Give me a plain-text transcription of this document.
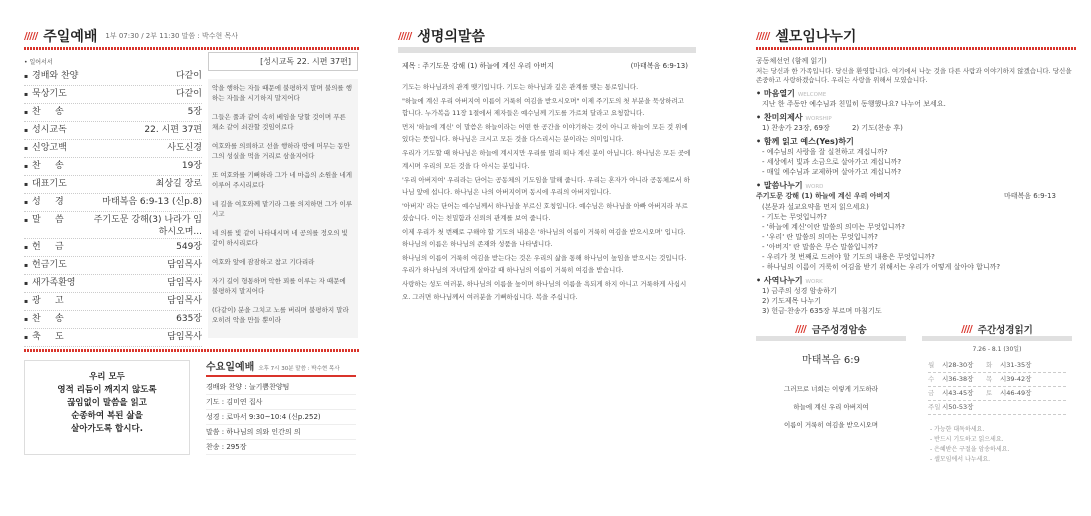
///// 주일예배 1부 07:30 / 2부 11:30 말씀 : 박수현 목사
• 일어서서
▪ 경배와 찬양	다같이
▪ 묵상기도	다같이
▪ 찬     송	5장
▪ 성시교독	22. 시편 37편
▪ 신앙고백	사도신경
▪ 찬     송	19장
▪ 대표기도	최상길 장로
▪ 성     경	마태복음 6:9-13 (신p.8)
▪ 말     씀	주기도문 강해(3) 나라가 임하시오며...
▪ 헌     금	549장
▪ 헌금기도	담임목사
▪ 새가족환영	담임목사
▪ 광     고	담임목사
▪ 찬     송	635장
▪ 축     도	담임목사
[성시교독 22. 시편 37편]

악을 행하는 자들 때문에 불평하지 말며 불의를 행하는 자들을 시기하지 말지어다

그들은 풀과 같이 속히 베임을 당할 것이며 푸른 채소 같이 쇠잔할 것임이로다

여호와를 의뢰하고 선을 행하라 땅에 머무는 동안 그의 성실을 먹을 거리로 삼을지어다

또 여호와를 기뻐하라 그가 네 마음의 소원을 네게 이루어 주시리로다

네 길을 여호와께 맡기라 그를 의지하면 그가 이루시고

네 의를 빛 같이 나타내시며 네 공의를 정오의 빛 같이 하시리로다

여호와 앞에 잠잠하고 참고 기다리라

자기 길이 형통하며 악한 꾀를 이루는 자 때문에 불평하지 말지어다

(다같이) 분을 그치고 노를 버리며 불평하지 말라 오히려 악을 만들 뿐이라

우리 모두
영적 리듬이 깨지지 않도록
끊임없이 말씀을 읽고
순종하여 복된 삶을
살아가도록 합시다.
수요일예배 오후 7시 30분 말씀 : 박수현 목사
경배와 찬양 : 늘기쁨찬양팀
기도 : 김미연 집사
성경 : 로마서 9:30~10:4 (신p.252)
말씀 : 하나님의 의와 인간의 의
찬송 : 295장
///// 생명의말씀
제목 : 주기도문 강해 (1) 하늘에 계신 우리 아버지	(마태복음 6:9-13)

기도는 하나님과의 관계 맺기입니다. 기도는 하나님과 깊은 관계를 맺는 통로입니다.

"하늘에 계신 우리 아버지여 이름이 거룩히 여김을 받으시오며" 이제 주기도의 첫 부분을 묵상하려고 합니다. 누가복음 11장 1절에서 제자들은 예수님께 기도를 가르쳐 달라고 요청합니다.

먼저 '하늘에 계신' 이 말씀은 하늘이라는 어떤 한 공간을 이야기하는 것이 아니고 하늘이 모든 것 위에 있다는 뜻입니다. 하나님은 크시고 모든 것을 다스리시는 분이라는 의미입니다.

우리가 기도할 때 하나님은 하늘에 계시지만 우리를 멀리 떠나 계신 분이 아닙니다. 하나님은 모든 곳에 계시며 우리의 모든 것을 다 아시는 분입니다.

'우리 아버지여' 우리라는 단어는 공동체의 기도임을 말해 줍니다. 우리는 혼자가 아니라 공동체로서 하나님 앞에 섭니다. 하나님은 나의 아버지이며 동시에 우리의 아버지입니다.

'아버지' 라는 단어는 예수님께서 하나님을 부르신 호칭입니다. 예수님은 하나님을 아빠 아버지라 부르셨습니다. 이는 친밀함과 신뢰의 관계를 보여 줍니다.

이제 우리가 첫 번째로 구해야 할 기도의 내용은 '하나님의 이름이 거룩히 여김을 받으시오며' 입니다. 하나님의 이름은 하나님의 존재와 성품을 나타냅니다.

하나님의 이름이 거룩히 여김을 받는다는 것은 우리의 삶을 통해 하나님이 높임을 받으시는 것입니다. 우리가 하나님의 자녀답게 살아갈 때 하나님의 이름이 거룩히 여김을 받습니다.

사랑하는 성도 여러분, 하나님의 이름을 높이며 하나님의 이름을 욕되게 하지 아니고 거룩하게 사십시오. 그러면 하나님께서 여러분을 기뻐하십니다. 복을 주십니다.

///// 셀모임나누기
공동체선언 (함께 읽기)
저는 당신과 한 가족입니다. 당신을 환영합니다. 여기에서 나눈 것을 다른 사람과 이야기하지 않겠습니다. 당신을 존중하고 사랑하겠습니다. 우리는 사랑을 위해서 모였습니다.
• 마음열기 WELCOME
지난 한 주동안 예수님과 친밀히 동행했나요? 나누어 보세요.
• 찬미의제사 WORSHIP
1) 찬송가 23장, 69장          2) 기도(찬송 후)
• 함께 읽고 예스(Yes)하기
- 예수님의 사랑을 잘 실천하고 계십니까?
- 세상에서 빛과 소금으로 살아가고 계십니까?
- 매일 예수님과 교제하며 살아가고 계십니까?
• 말씀나누기 WORD
주기도문 강해 (1) 하늘에 계신 우리 아버지	마태복음 6:9-13
(본문과 설교요약을 먼저 읽으세요)
- 기도는 무엇입니까?
- '하늘에 계신'이란 말씀의 의미는 무엇입니까?
- '우리' 란 말씀의 의미는 무엇입니까?
- '아버지' 란 말씀은 무슨 말씀입니까?
- 우리가 첫 번째로 드려야 할 기도의 내용은 무엇입니까?
- 하나님의 이름이 거룩히 여김을 받기 위해서는 우리가 어떻게 살아야 합니까?
• 사역나누기 WORK
1) 금주의 성경 암송하기
2) 기도제목 나누기
3) 헌금·찬송가 635장 부르며 마침기도
//// 금주성경암송
마태복음 6:9
그러므로 너희는 이렇게 기도하라
하늘에 계신 우리 아버지여
이름이 거룩히 여김을 받으시오며
//// 주간성경읽기
7.26 - 8.1 (30일)
월	시28-30장	화	시31-35장
수	시36-38장	목	시39-42장
금	시43-45장	토	시46-49장
주일 시50-53장
- 가능한 대독하세요.
- 반드시 기도하고 읽으세요.
- 은혜받은 구절을 암송하세요.
- 셀모임에서 나누세요.
